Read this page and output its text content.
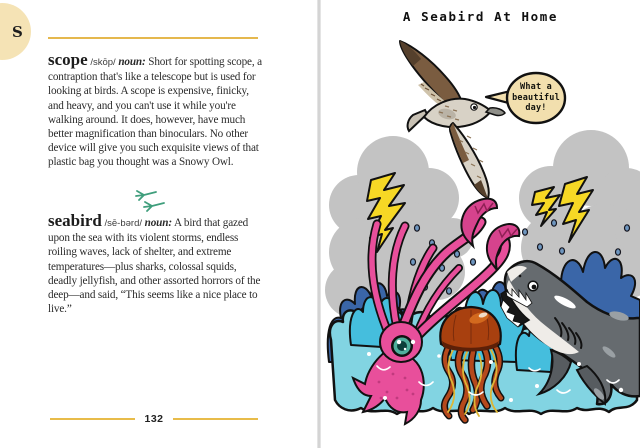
S

scope /skōp/ noun: Short for spotting scope, a contraption that's like a telescope but is used for looking at birds. A scope is expensive, finicky, and heavy, and you can't use it while you're walking around. It does, however, have much better magnification than binoculars. No other device will give you such exquisite views of that plastic bag you thought was a Snowy Owl.

seabird /sē-bərd/ noun: A bird that gazed upon the sea with its violent storms, endless roiling waves, lack of shelter, and extreme temperatures—plus sharks, colossal squids, deadly jellyfish, and other assorted horrors of the deep—and said, “This seems like a nice place to live.”

132
A Seabird At Home
What a beautiful day!
